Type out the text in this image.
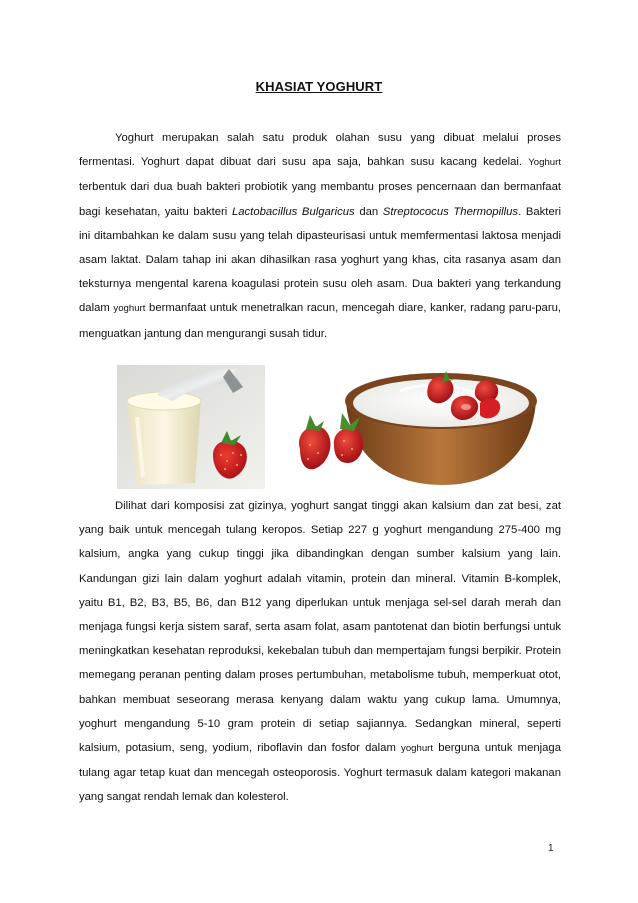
KHASIAT YOGHURT

Yoghurt merupakan salah satu produk olahan susu yang dibuat melalui proses fermentasi. Yoghurt dapat dibuat dari susu apa saja, bahkan susu kacang kedelai. Yoghurt terbentuk dari dua buah bakteri probiotik yang membantu proses pencernaan dan bermanfaat bagi kesehatan, yaitu bakteri Lactobacillus Bulgaricus dan Streptococus Thermopillus. Bakteri ini ditambahkan ke dalam susu yang telah dipasteurisasi untuk memfermentasi laktosa menjadi asam laktat. Dalam tahap ini akan dihasilkan rasa yoghurt yang khas, cita rasanya asam dan teksturnya mengental karena koagulasi protein susu oleh asam. Dua bakteri yang terkandung dalam yoghurt bermanfaat untuk menetralkan racun, mencegah diare, kanker, radang paru-paru, menguatkan jantung dan mengurangi susah tidur.

Dilihat dari komposisi zat gizinya, yoghurt sangat tinggi akan kalsium dan zat besi, zat yang baik untuk mencegah tulang keropos. Setiap 227 g yoghurt mengandung 275-400 mg kalsium, angka yang cukup tinggi jika dibandingkan dengan sumber kalsium yang lain. Kandungan gizi lain dalam yoghurt adalah vitamin, protein dan mineral. Vitamin B-komplek, yaitu B1, B2, B3, B5, B6, dan B12 yang diperlukan untuk menjaga sel-sel darah merah dan menjaga fungsi kerja sistem saraf, serta asam folat, asam pantotenat dan biotin berfungsi untuk meningkatkan kesehatan reproduksi, kekebalan tubuh dan mempertajam fungsi berpikir. Protein memegang peranan penting dalam proses pertumbuhan, metabolisme tubuh, memperkuat otot, bahkan membuat seseorang merasa kenyang dalam waktu yang cukup lama. Umumnya, yoghurt mengandung 5-10 gram protein di setiap sajiannya. Sedangkan mineral, seperti kalsium, potasium, seng, yodium, riboflavin dan fosfor dalam yoghurt berguna untuk menjaga tulang agar tetap kuat dan mencegah osteoporosis. Yoghurt termasuk dalam kategori makanan yang sangat rendah lemak dan kolesterol.

1
